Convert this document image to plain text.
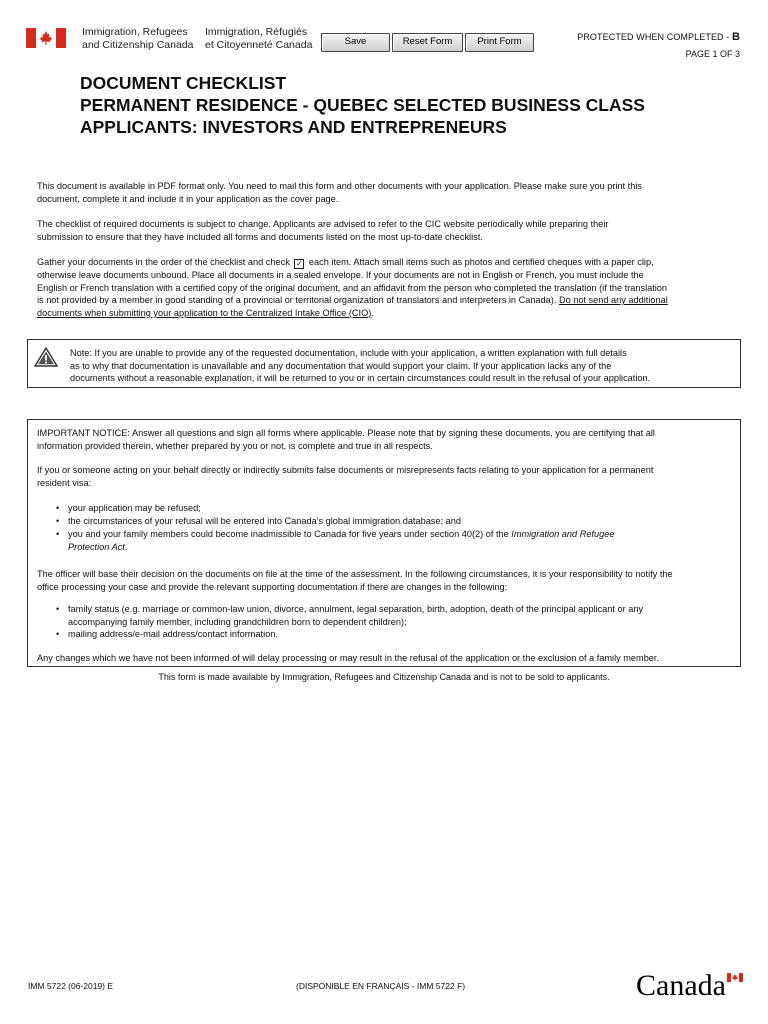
Immigration, Refugees
and Citizenship Canada
Immigration, Réfugiés
et Citoyenneté Canada	Save	Reset Form	Print Form	PROTECTED WHEN COMPLETED - B
PAGE 1 OF 3
DOCUMENT CHECKLIST
PERMANENT RESIDENCE - QUEBEC SELECTED BUSINESS CLASS
APPLICANTS: INVESTORS AND ENTREPRENEURS
This document is available in PDF format only. You need to mail this form and other documents with your application. Please make sure you print this
document, complete it and include it in your application as the cover page.
The checklist of required documents is subject to change. Applicants are advised to refer to the CIC website periodically while preparing their
submission to ensure that they have included all forms and documents listed on the most up-to-date checklist.
Gather your documents in the order of the checklist and check ✓ each item. Attach small items such as photos and certified cheques with a paper clip,
otherwise leave documents unbound. Place all documents in a sealed envelope. If your documents are not in English or French, you must include the
English or French translation with a certified copy of the original document, and an affidavit from the person who completed the translation (if the translation
is not provided by a member in good standing of a provincial or territorial organization of translators and interpreters in Canada). Do not send any additional
documents when submitting your application to the Centralized Intake Office (CIO).
Note: If you are unable to provide any of the requested documentation, include with your application, a written explanation with full details
as to why that documentation is unavailable and any documentation that would support your claim. If your application lacks any of the
documents without a reasonable explanation, it will be returned to you or in certain circumstances could result in the refusal of your application.
IMPORTANT NOTICE: Answer all questions and sign all forms where applicable. Please note that by signing these documents, you are certifying that all
information provided therein, whether prepared by you or not, is complete and true in all respects.
If you or someone acting on your behalf directly or indirectly submits false documents or misrepresents facts relating to your application for a permanent
resident visa:
• your application may be refused;
• the circumstances of your refusal will be entered into Canada's global immigration database; and
• you and your family members could become inadmissible to Canada for five years under section 40(2) of the Immigration and Refugee
Protection Act.
The officer will base their decision on the documents on file at the time of the assessment. In the following circumstances, it is your responsibility to notify the
office processing your case and provide the relevant supporting documentation if there are changes in the following:
• family status (e.g. marriage or common-law union, divorce, annulment, legal separation, birth, adoption, death of the principal applicant or any
accompanying family member, including grandchildren born to dependent children);
• mailing address/e-mail address/contact information.
Any changes which we have not been informed of will delay processing or may result in the refusal of the application or the exclusion of a family member.
This form is made available by Immigration, Refugees and Citizenship Canada and is not to be sold to applicants.
IMM 5722 (06-2019) E	(DISPONIBLE EN FRANÇAIS - IMM 5722 F)	Canada
